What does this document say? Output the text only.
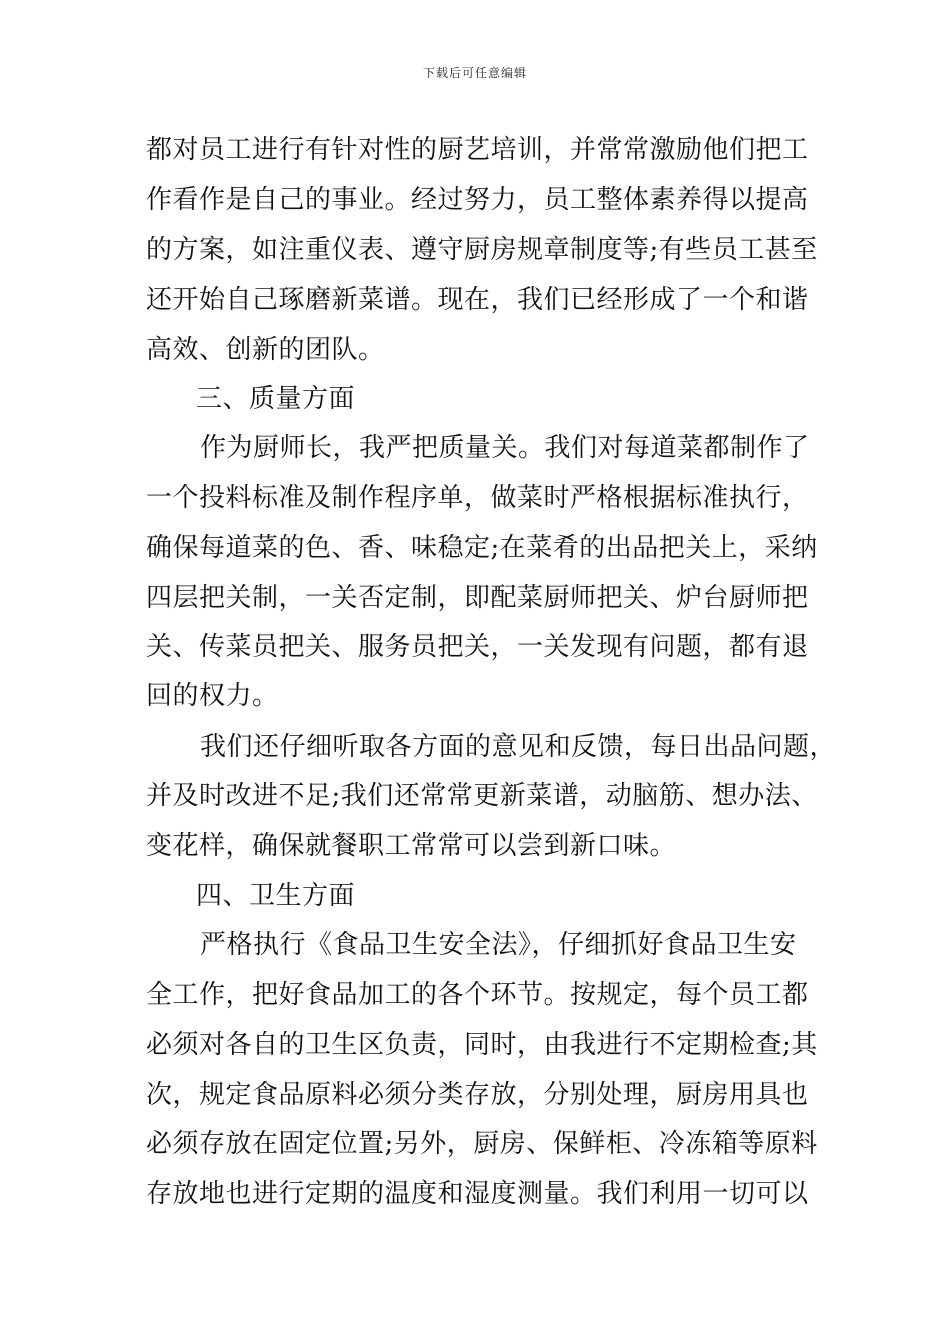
下载后可任意编辑
都对员工进行有针对性的厨艺培训，并常常激励他们把工
作看作是自己的事业。经过努力，员工整体素养得以提高
的方案，如注重仪表、遵守厨房规章制度等;有些员工甚至
还开始自己琢磨新菜谱。现在，我们已经形成了一个和谐
高效、创新的团队。
三、质量方面
作为厨师长，我严把质量关。我们对每道菜都制作了
一个投料标准及制作程序单，做菜时严格根据标准执行，
确保每道菜的色、香、味稳定;在菜肴的出品把关上，采纳
四层把关制，一关否定制，即配菜厨师把关、炉台厨师把
关、传菜员把关、服务员把关，一关发现有问题，都有退
回的权力。
我们还仔细听取各方面的意见和反馈，每日出品问题，
并及时改进不足;我们还常常更新菜谱，动脑筋、想办法、
变花样，确保就餐职工常常可以尝到新口味。
四、卫生方面
严格执行《食品卫生安全法》，仔细抓好食品卫生安
全工作，把好食品加工的各个环节。按规定，每个员工都
必须对各自的卫生区负责，同时，由我进行不定期检查;其
次，规定食品原料必须分类存放，分别处理，厨房用具也
必须存放在固定位置;另外，厨房、保鲜柜、冷冻箱等原料
存放地也进行定期的温度和湿度测量。我们利用一切可以
